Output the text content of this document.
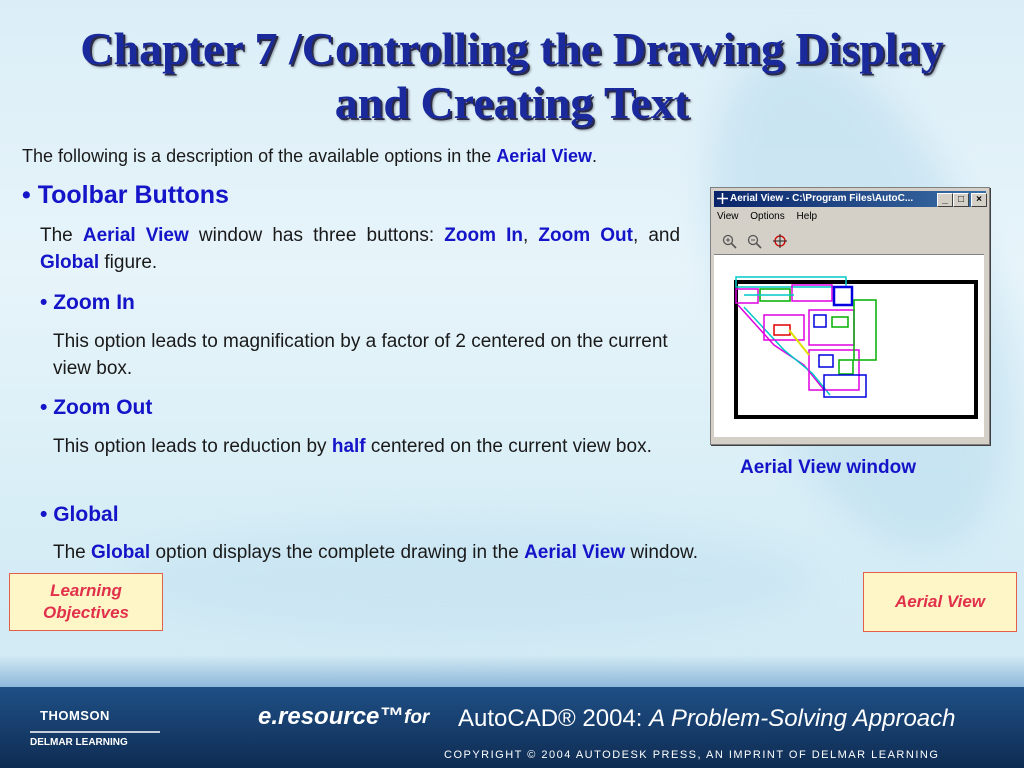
Chapter 7 /Controlling the Drawing Display
and Creating Text
The following is a description of the available options in the Aerial View.
• Toolbar Buttons
The Aerial View window has three buttons: Zoom In, Zoom Out, and Global figure.
• Zoom In
This option leads to magnification by a factor of 2 centered on the current view box.
• Zoom Out
This option leads to reduction by half centered on the current view box.
• Global
The Global option displays the complete drawing in the Aerial View window.
Aerial View - C:\Program Files\AutoC...	_	□	×
View Options Help

Aerial View window
Learning Objectives
Aerial View
THOMSON
DELMAR LEARNING
e.resource™ for AutoCAD® 2004: A Problem-Solving Approach
COPYRIGHT © 2004 AUTODESK PRESS, AN IMPRINT OF DELMAR LEARNING
